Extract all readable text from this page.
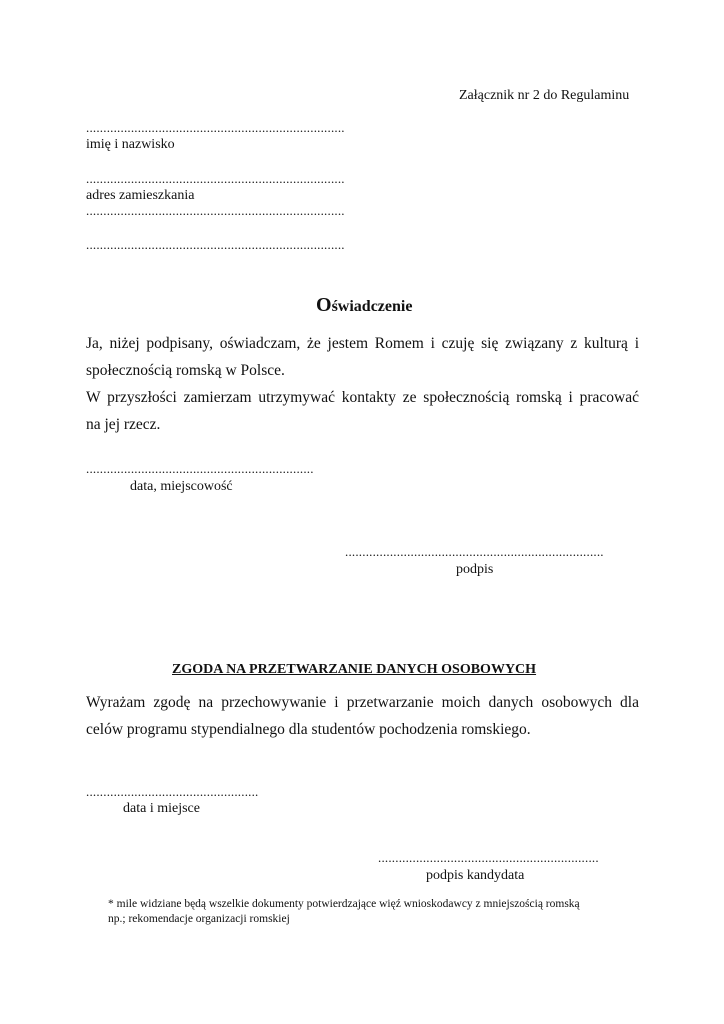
Załącznik nr 2 do Regulaminu
...........................................................................
imię i nazwisko
...........................................................................
adres zamieszkania
...........................................................................
...........................................................................
Oświadczenie
Ja, niżej podpisany, oświadczam, że jestem Romem i czuję się związany z kulturą i
społecznością romską w Polsce.
W przyszłości zamierzam utrzymywać kontakty ze społecznością romską i pracować
na jej rzecz.
..................................................................
data, miejscowość
...........................................................................
podpis
ZGODA NA PRZETWARZANIE DANYCH OSOBOWYCH
Wyrażam zgodę na przechowywanie i przetwarzanie moich danych osobowych dla
celów programu stypendialnego dla studentów pochodzenia romskiego.
..................................................
data i miejsce
................................................................
podpis kandydata
* mile widziane będą wszelkie dokumenty potwierdzające więź wnioskodawcy z mniejszością romską
np.; rekomendacje organizacji romskiej
